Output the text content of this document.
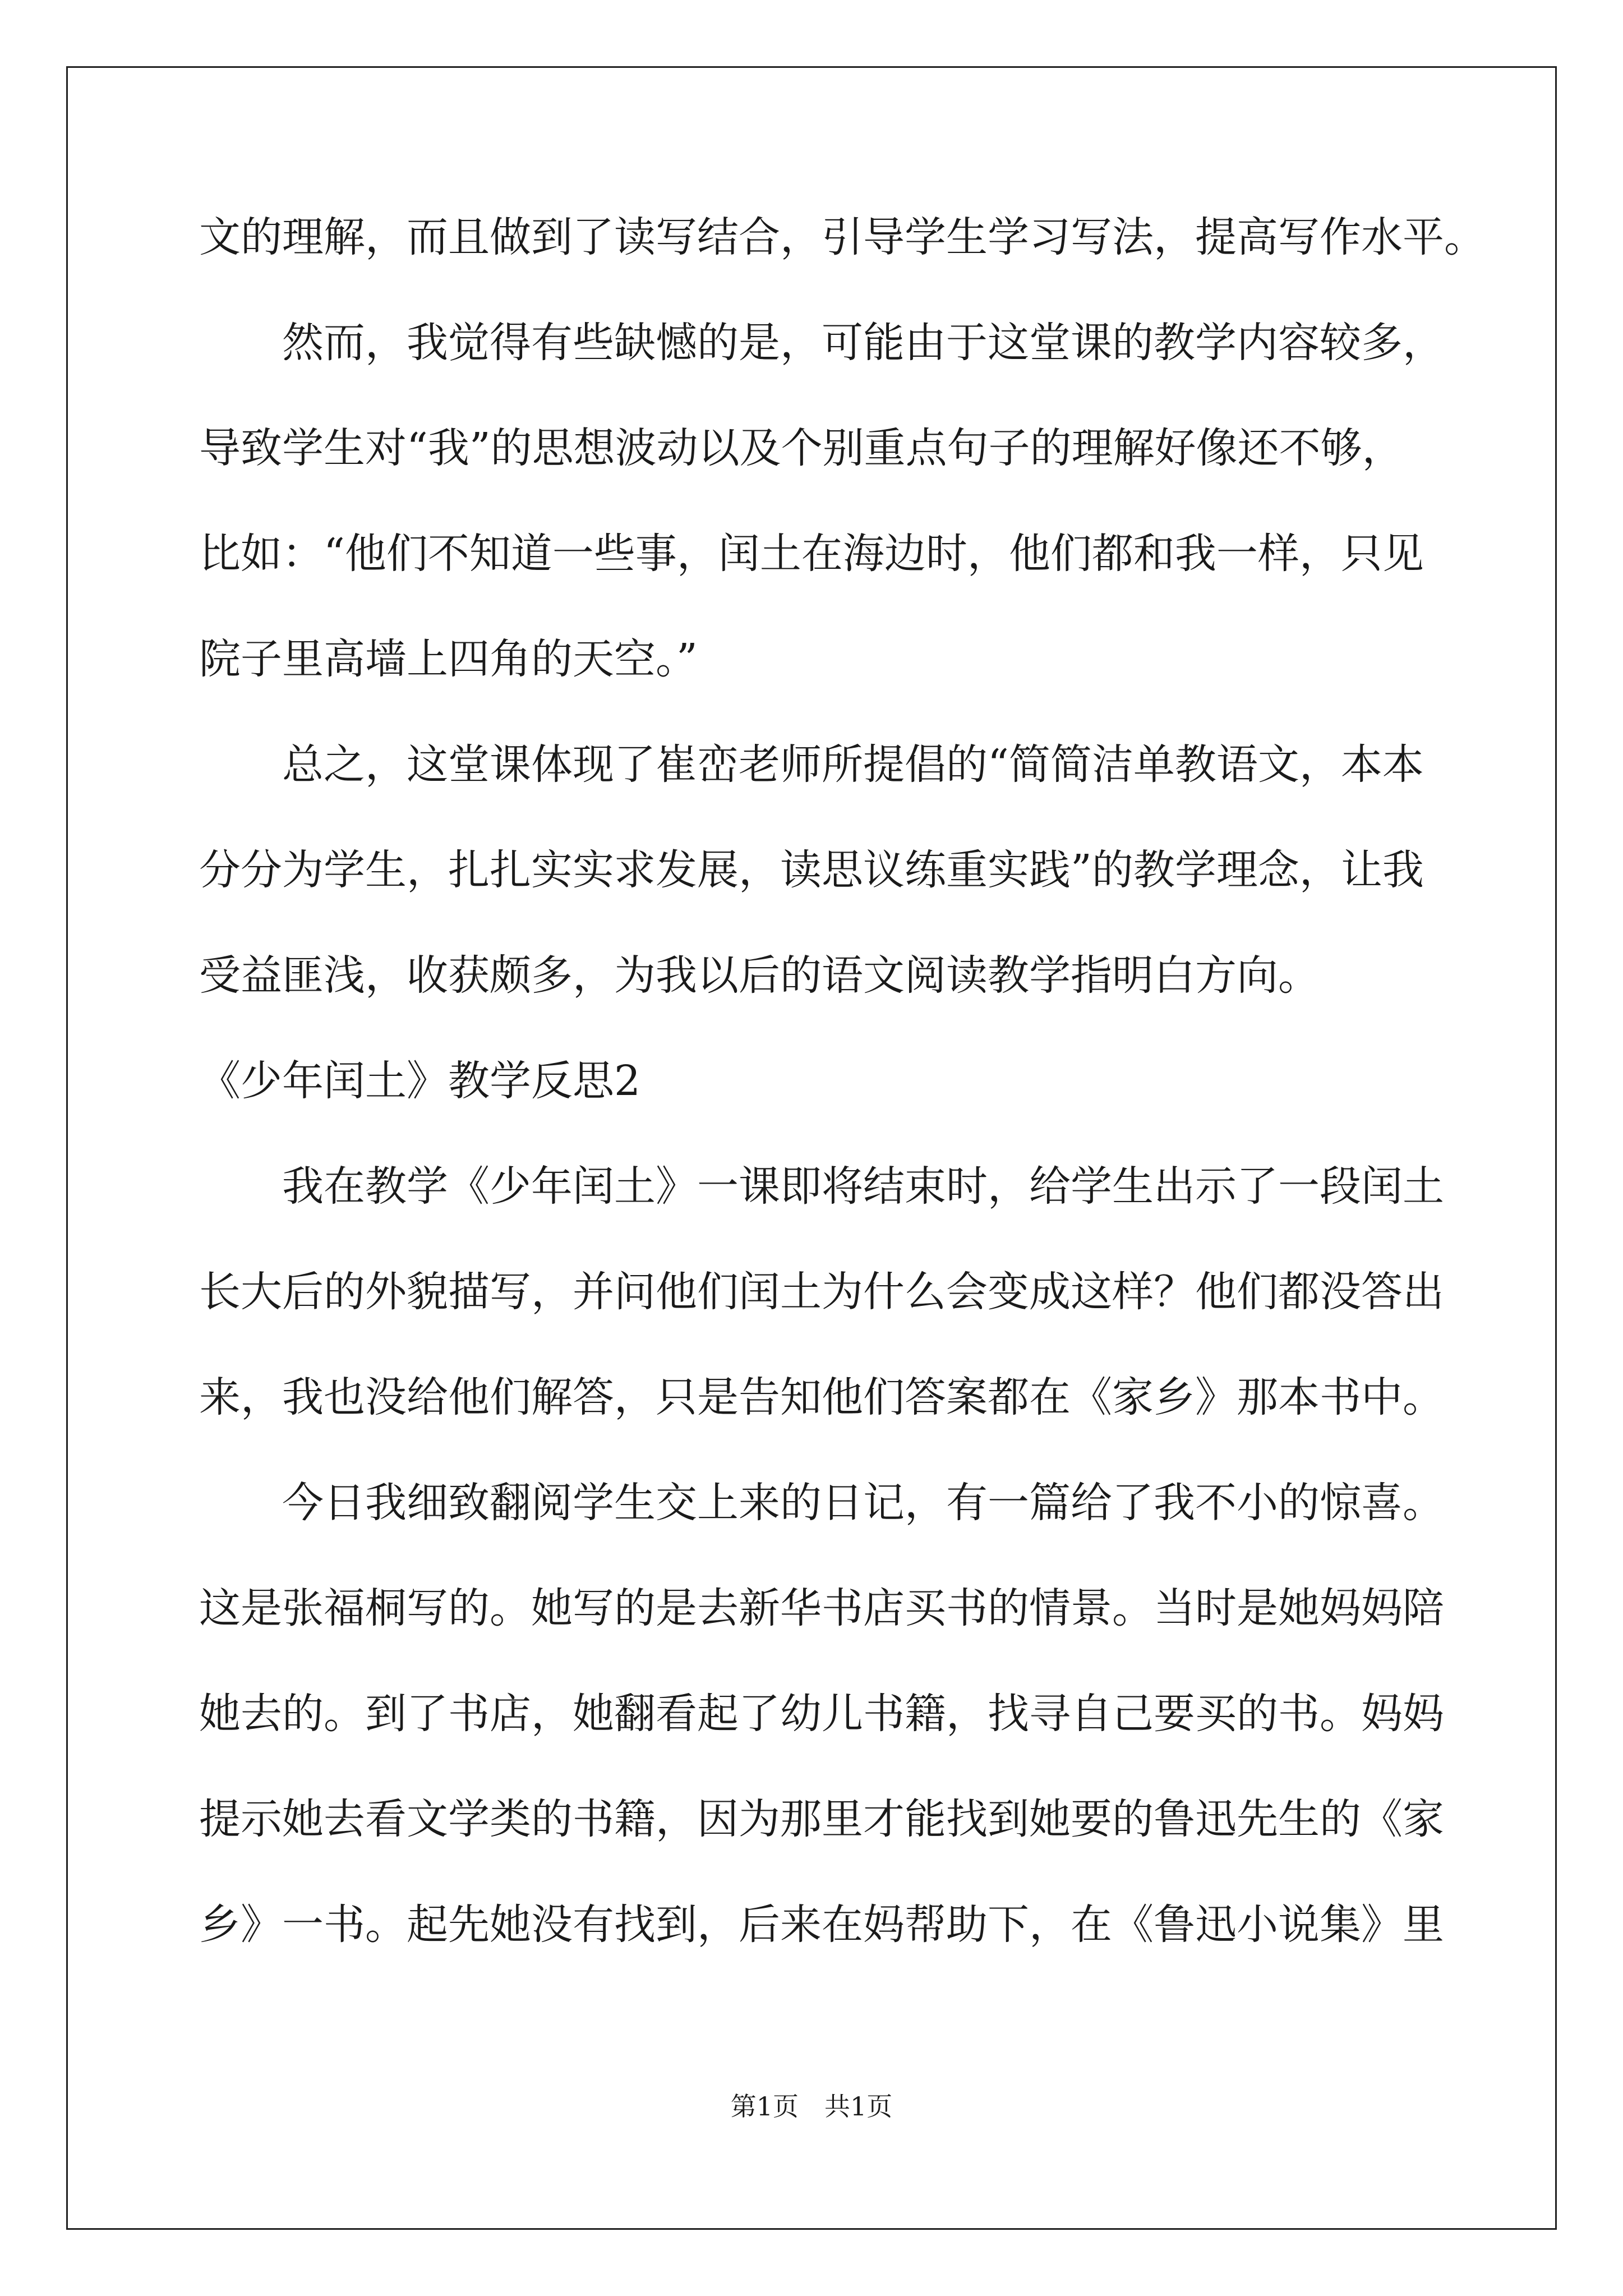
文的理解，而且做到了读写结合，引导学生学习写法，提高写作水平。
　　然而，我觉得有些缺憾的是，可能由于这堂课的教学内容较多，
导致学生对“我”的思想波动以及个别重点句子的理解好像还不够，
比如：“他们不知道一些事，闰土在海边时，他们都和我一样，只见
院子里高墙上四角的天空。”
　　总之，这堂课体现了崔峦老师所提倡的“简简洁单教语文，本本
分分为学生，扎扎实实求发展，读思议练重实践”的教学理念，让我
受益匪浅，收获颇多，为我以后的语文阅读教学指明白方向。
《少年闰土》教学反思2
　　我在教学《少年闰土》一课即将结束时，给学生出示了一段闰土
长大后的外貌描写，并问他们闰土为什么会变成这样？他们都没答出
来，我也没给他们解答，只是告知他们答案都在《家乡》那本书中。
　　今日我细致翻阅学生交上来的日记，有一篇给了我不小的惊喜。
这是张福桐写的。她写的是去新华书店买书的情景。当时是她妈妈陪
她去的。到了书店，她翻看起了幼儿书籍，找寻自己要买的书。妈妈
提示她去看文学类的书籍，因为那里才能找到她要的鲁迅先生的《家
乡》一书。起先她没有找到，后来在妈帮助下，在《鲁迅小说集》里
第1页　共1页
